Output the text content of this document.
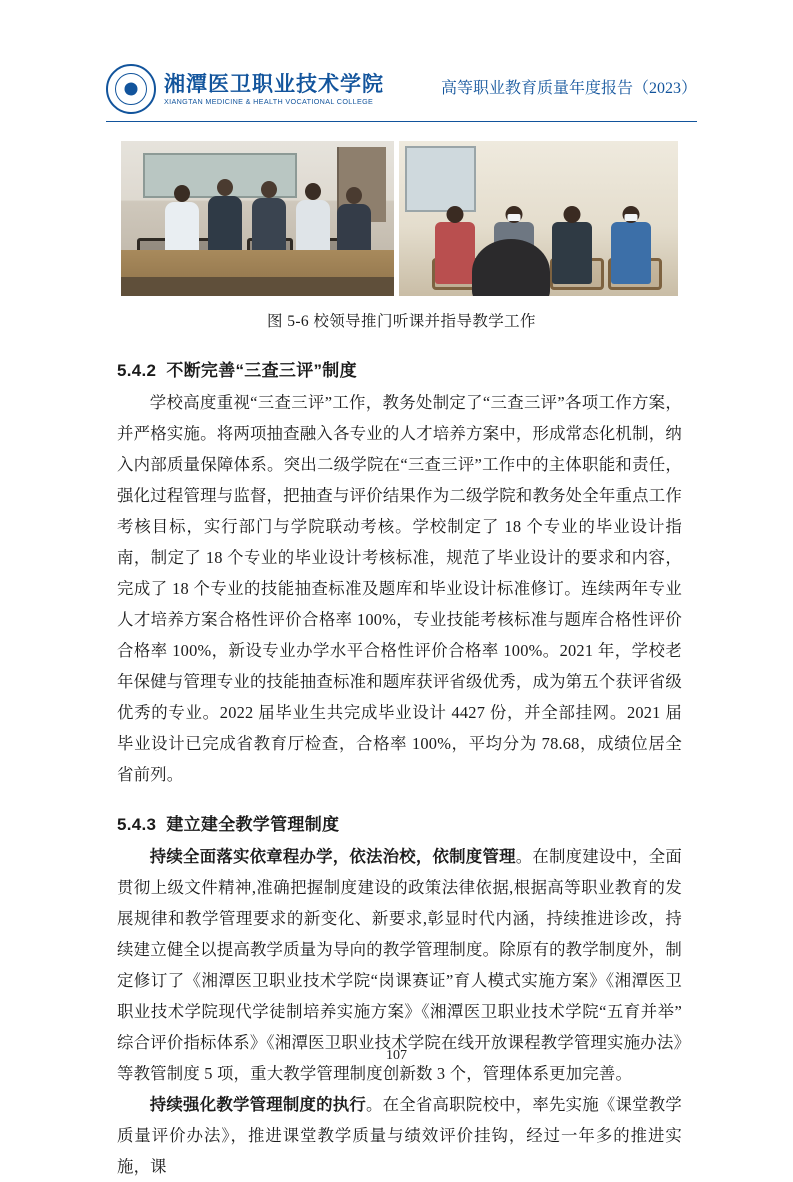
湘潭医卫职业技术学院
XIANGTAN MEDICINE & HEALTH VOCATIONAL COLLEGE
高等职业教育质量年度报告（2023）
图 5-6 校领导推门听课并指导教学工作
5.4.2 不断完善“三查三评”制度

学校高度重视“三查三评”工作，教务处制定了“三查三评”各项工作方案，并严格实施。将两项抽查融入各专业的人才培养方案中，形成常态化机制，纳入内部质量保障体系。突出二级学院在“三查三评”工作中的主体职能和责任，强化过程管理与监督，把抽查与评价结果作为二级学院和教务处全年重点工作考核目标，实行部门与学院联动考核。学校制定了 18 个专业的毕业设计指南，制定了 18 个专业的毕业设计考核标准，规范了毕业设计的要求和内容，完成了 18 个专业的技能抽查标准及题库和毕业设计标准修订。连续两年专业人才培养方案合格性评价合格率 100%，专业技能考核标准与题库合格性评价合格率 100%，新设专业办学水平合格性评价合格率 100%。2021 年，学校老年保健与管理专业的技能抽查标准和题库获评省级优秀，成为第五个获评省级优秀的专业。2022 届毕业生共完成毕业设计 4427 份，并全部挂网。2021 届毕业设计已完成省教育厅检查，合格率 100%，平均分为 78.68，成绩位居全省前列。

5.4.3 建立建全教学管理制度

持续全面落实依章程办学，依法治校，依制度管理。在制度建设中，全面贯彻上级文件精神,准确把握制度建设的政策法律依据,根据高等职业教育的发展规律和教学管理要求的新变化、新要求,彰显时代内涵，持续推进诊改，持续建立健全以提高教学质量为导向的教学管理制度。除原有的教学制度外，制定修订了《湘潭医卫职业技术学院“岗课赛证”育人模式实施方案》《湘潭医卫职业技术学院现代学徒制培养实施方案》《湘潭医卫职业技术学院“五育并举”综合评价指标体系》《湘潭医卫职业技术学院在线开放课程教学管理实施办法》等教管制度 5 项，重大教学管理制度创新数 3 个，管理体系更加完善。

持续强化教学管理制度的执行。在全省高职院校中，率先实施《课堂教学质量评价办法》，推进课堂教学质量与绩效评价挂钩，经过一年多的推进实施，课

107
